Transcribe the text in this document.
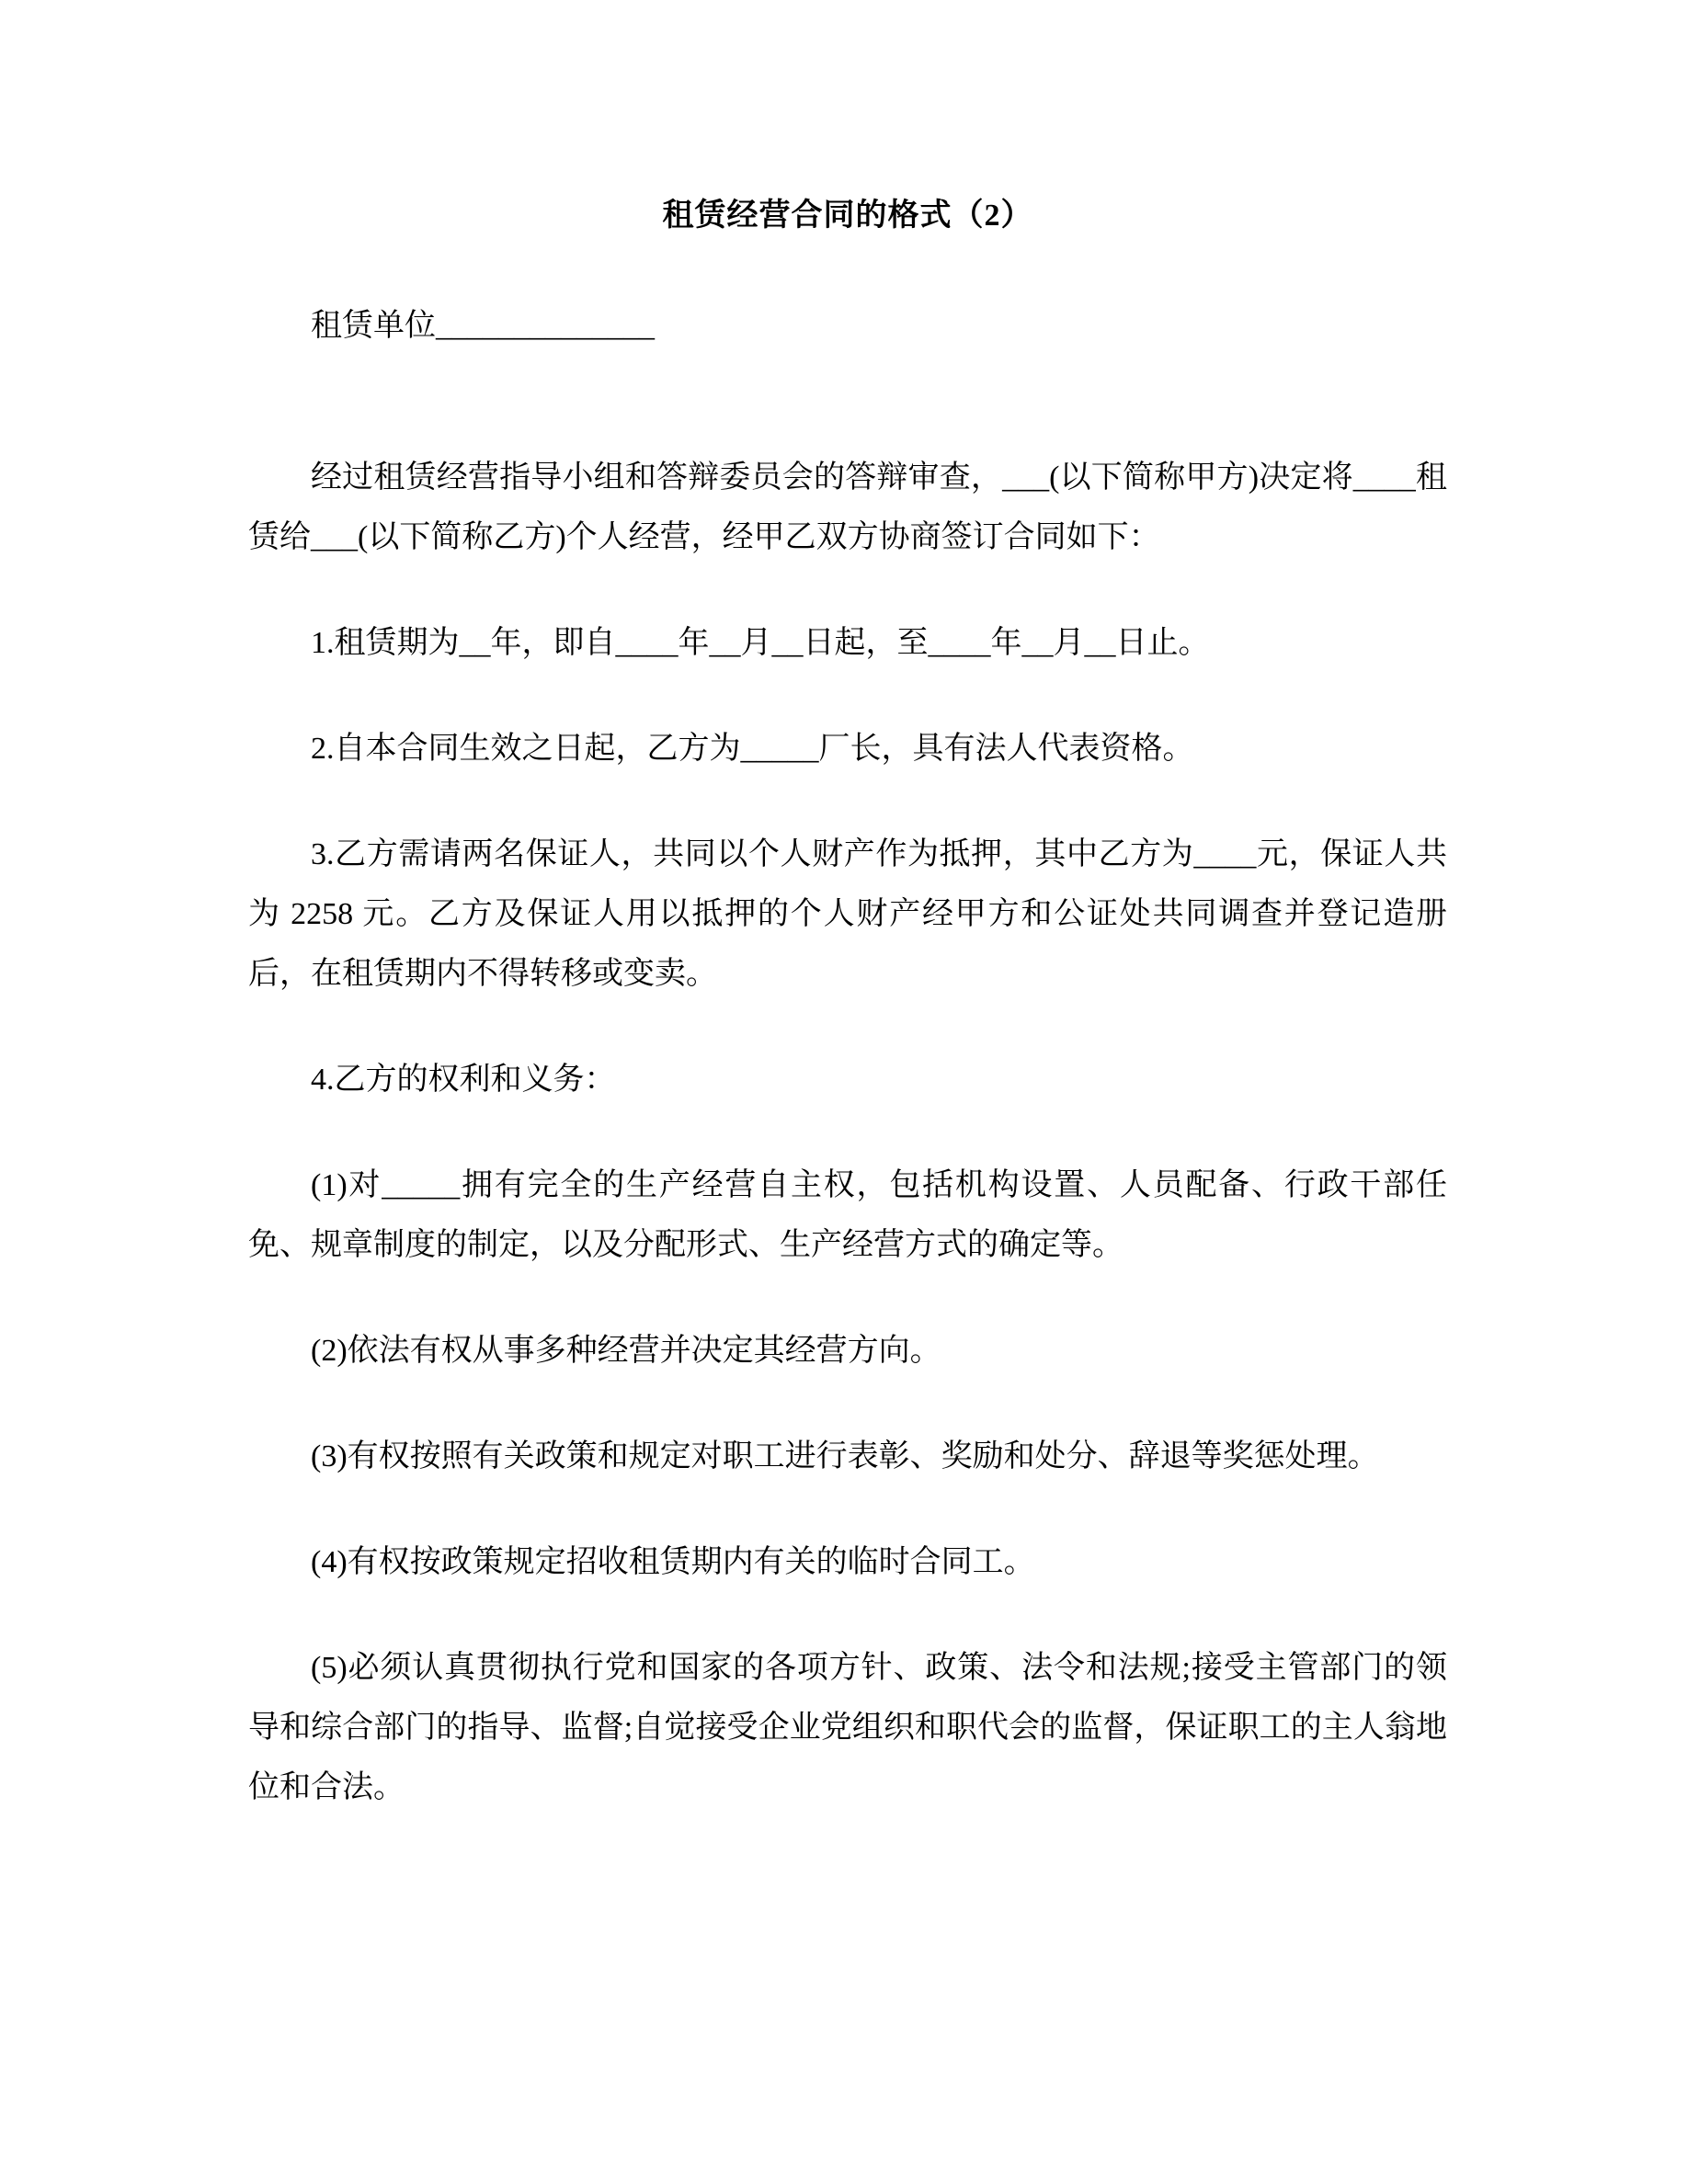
租赁经营合同的格式（2）

租赁单位______________

经过租赁经营指导小组和答辩委员会的答辩审查，___(以下简称甲方)决定将____租赁给___(以下简称乙方)个人经营，经甲乙双方协商签订合同如下：

1.租赁期为__年，即自____年__月__日起，至____年__月__日止。

2.自本合同生效之日起，乙方为_____厂长，具有法人代表资格。

3.乙方需请两名保证人，共同以个人财产作为抵押，其中乙方为____元，保证人共为 2258 元。乙方及保证人用以抵押的个人财产经甲方和公证处共同调查并登记造册后，在租赁期内不得转移或变卖。

4.乙方的权利和义务：

(1)对_____拥有完全的生产经营自主权，包括机构设置、人员配备、行政干部任免、规章制度的制定，以及分配形式、生产经营方式的确定等。

(2)依法有权从事多种经营并决定其经营方向。

(3)有权按照有关政策和规定对职工进行表彰、奖励和处分、辞退等奖惩处理。

(4)有权按政策规定招收租赁期内有关的临时合同工。

(5)必须认真贯彻执行党和国家的各项方针、政策、法令和法规;接受主管部门的领导和综合部门的指导、监督;自觉接受企业党组织和职代会的监督，保证职工的主人翁地位和合法。
